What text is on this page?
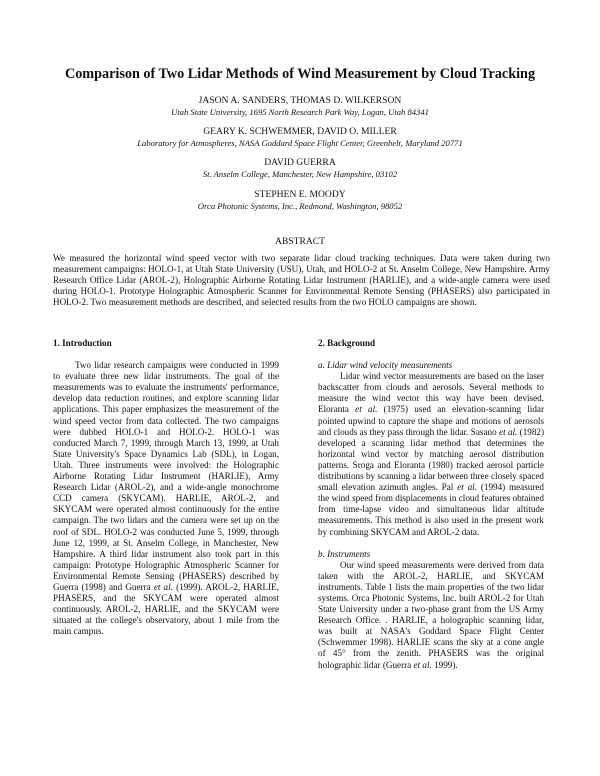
Comparison of Two Lidar Methods of Wind Measurement by Cloud Tracking
JASON A. SANDERS, THOMAS D. WILKERSON
Utah State University, 1695 North Research Park Way, Logan, Utah 84341
GEARY K. SCHWEMMER, DAVID O. MILLER
Laboratory for Atmospheres, NASA Goddard Space Flight Center, Greenbelt, Maryland 20771
DAVID GUERRA
St. Anselm College, Manchester, New Hampshire, 03102
STEPHEN E. MOODY
Orca Photonic Systems, Inc., Redmond, Washington, 98052
ABSTRACT

We measured the horizontal wind speed vector with two separate lidar cloud tracking techniques. Data were taken during two measurement campaigns: HOLO-1, at Utah State University (USU), Utah, and HOLO-2 at St. Anselm College, New Hampshire. Army Research Office Lidar (AROL-2), Holographic Airborne Rotating Lidar Instrument (HARLIE), and a wide-angle camera were used during HOLO-1. Prototype Holographic Atmospheric Scanner for Environmental Remote Sensing (PHASERS) also participated in HOLO-2. Two measurement methods are described, and selected results from the two HOLO campaigns are shown.

1. Introduction

Two lidar research campaigns were conducted in 1999 to evaluate three new lidar instruments. The goal of the measurements was to evaluate the instruments' performance, develop data reduction routines, and explore scanning lidar applications. This paper emphasizes the measurement of the wind speed vector from data collected. The two campaigns were dubbed HOLO-1 and HOLO-2. HOLO-1 was conducted March 7, 1999, through March 13, 1999, at Utah State University's Space Dynamics Lab (SDL), in Logan, Utah. Three instruments were involved: the Holographic Airborne Rotating Lidar Instrument (HARLIE), Army Research Lidar (AROL-2), and a wide-angle monochrome CCD camera (SKYCAM). HARLIE, AROL-2, and SKYCAM were operated almost continuously for the entire campaign. The two lidars and the camera were set up on the roof of SDL. HOLO-2 was conducted June 5, 1999, through June 12, 1999, at St. Anselm College, in Manchester, New Hampshire. A third lidar instrument also took part in this campaign: Prototype Holographic Atmospheric Scanner for Environmental Remote Sensing (PHASERS) described by Guerra (1998) and Guerra et al. (1999). AROL-2, HARLIE, PHASERS, and the SKYCAM were operated almost continuously. AROL-2, HARLIE, and the SKYCAM were situated at the college's observatory, about 1 mile from the main campus.

2. Background
a. Lidar wind velocity measurements

Lidar wind vector measurements are based on the laser backscatter from clouds and aerosols. Several methods to measure the wind vector this way have been devised. Eloranta et al. (1975) used an elevation-scanning lidar pointed upwind to capture the shape and motions of aerosols and clouds as they pass through the lidar. Sasano et al. (1982) developed a scanning lidar method that determines the horizontal wind vector by matching aerosol distribution patterns. Sroga and Eloranta (1980) tracked aerosol particle distributions by scanning a lidar between three closely spaced small elevation azimuth angles. Pal et al. (1994) measured the wind speed from displacements in cloud features obtained from time-lapse video and simultaneous lidar altitude measurements. This method is also used in the present work by combining SKYCAM and AROL-2 data.

b. Instruments

Our wind speed measurements were derived from data taken with the AROL-2, HARLIE, and SKYCAM instruments. Table 1 lists the main properties of the two lidar systems. Orca Photonic Systems, Inc. built AROL-2 for Utah State University under a two-phase grant from the US Army Research Office. . HARLIE, a holographic scanning lidar, was built at NASA's Goddard Space Flight Center (Schwemmer 1998). HARLIE scans the sky at a cone angle of 45° from the zenith. PHASERS was the original holographic lidar (Guerra et al. 1999).
